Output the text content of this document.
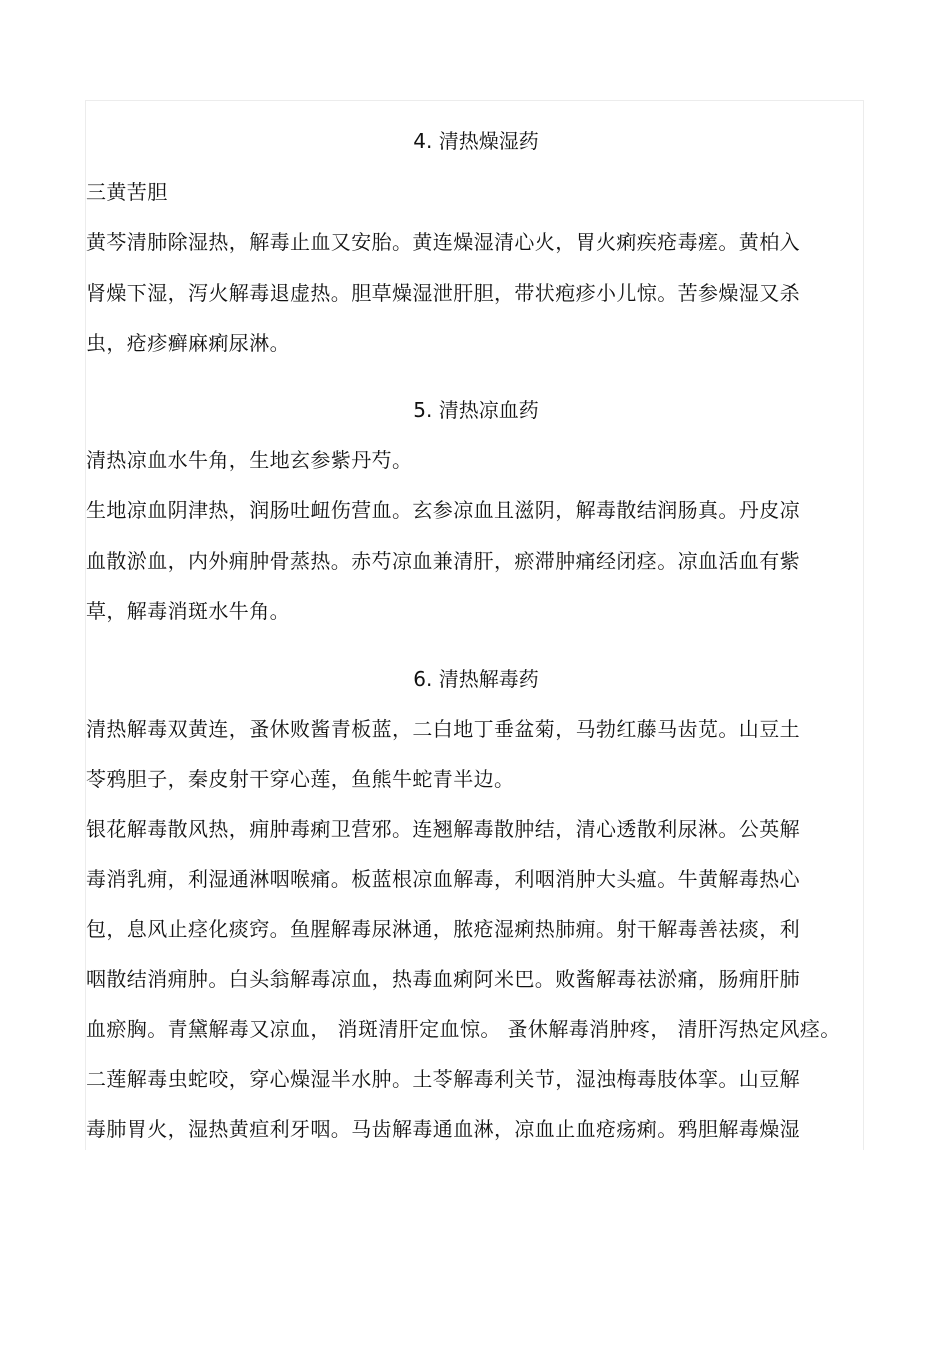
4. 清热燥湿药
三黄苦胆
黄芩清肺除湿热，解毒止血又安胎。黄连燥湿清心火，胃火痢疾疮毒瘥。黄柏入
肾燥下湿，泻火解毒退虚热。胆草燥湿泄肝胆，带状疱疹小儿惊。苦参燥湿又杀
虫，疮疹癣麻痢尿淋。
5. 清热凉血药
清热凉血水牛角，生地玄参紫丹芍。
生地凉血阴津热，润肠吐衄伤营血。玄参凉血且滋阴，解毒散结润肠真。丹皮凉
血散淤血，内外痈肿骨蒸热。赤芍凉血兼清肝，瘀滞肿痛经闭痉。凉血活血有紫
草，解毒消斑水牛角。
6. 清热解毒药
清热解毒双黄连，蚤休败酱青板蓝，二白地丁垂盆菊，马勃红藤马齿苋。山豆土
苓鸦胆子，秦皮射干穿心莲，鱼熊牛蛇青半边。
银花解毒散风热，痈肿毒痢卫营邪。连翘解毒散肿结，清心透散利尿淋。公英解
毒消乳痈，利湿通淋咽喉痛。板蓝根凉血解毒，利咽消肿大头瘟。牛黄解毒热心
包，息风止痉化痰窍。鱼腥解毒尿淋通，脓疮湿痢热肺痈。射干解毒善祛痰，利
咽散结消痈肿。白头翁解毒凉血，热毒血痢阿米巴。败酱解毒祛淤痛，肠痈肝肺
血瘀胸。青黛解毒又凉血， 消斑清肝定血惊。 蚤休解毒消肿疼， 清肝泻热定风痉。
二莲解毒虫蛇咬，穿心燥湿半水肿。土苓解毒利关节，湿浊梅毒肢体挛。山豆解
毒肺胃火，湿热黄疸利牙咽。马齿解毒通血淋，凉血止血疮疡痢。鸦胆解毒燥湿
